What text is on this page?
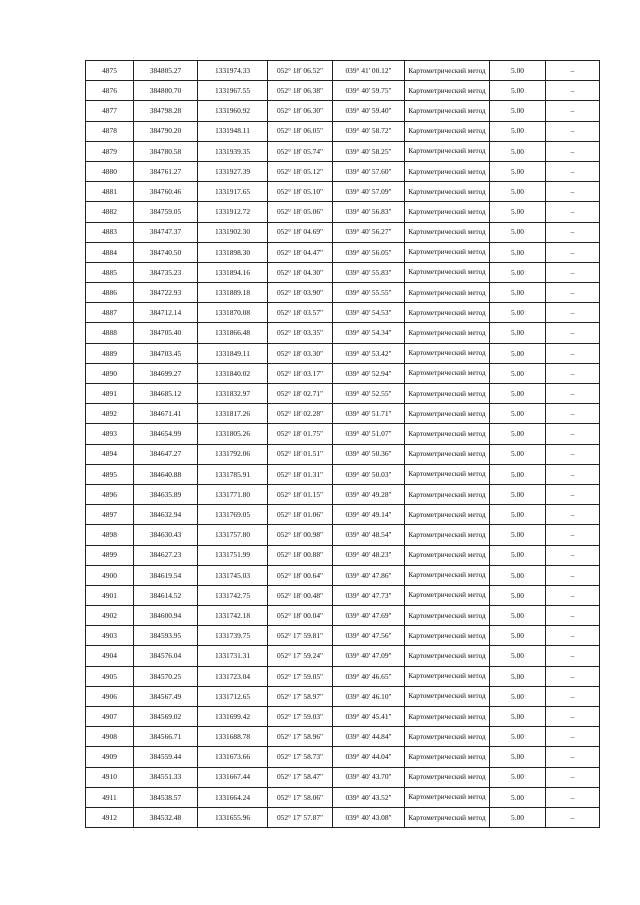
4875	384805.27	1331974.33	052° 18' 06.52"	039° 41' 00.12"	Картометрический метод	5.00	–
4876	384800.70	1331967.55	052° 18' 06.38"	039° 40' 59.75"	Картометрический метод	5.00	–
4877	384798.28	1331960.92	052° 18' 06.30"	039° 40' 59.40"	Картометрический метод	5.00	–
4878	384790.20	1331948.11	052° 18' 06.05"	039° 40' 58.72"	Картометрический метод	5.00	–
4879	384780.58	1331939.35	052° 18' 05.74"	039° 40' 58.25"	Картометрический метод	5.00	–
4880	384761.27	1331927.39	052° 18' 05.12"	039° 40' 57.60"	Картометрический метод	5.00	–
4881	384760.46	1331917.65	052° 18' 05.10"	039° 40' 57.09"	Картометрический метод	5.00	–
4882	384759.05	1331912.72	052° 18' 05.06"	039° 40' 56.83"	Картометрический метод	5.00	–
4883	384747.37	1331902.30	052° 18' 04.69"	039° 40' 56.27"	Картометрический метод	5.00	–
4884	384740.50	1331898.30	052° 18' 04.47"	039° 40' 56.05"	Картометрический метод	5.00	–
4885	384735.23	1331894.16	052° 18' 04.30"	039° 40' 55.83"	Картометрический метод	5.00	–
4886	384722.93	1331889.18	052° 18' 03.90"	039° 40' 55.55"	Картометрический метод	5.00	–
4887	384712.14	1331870.08	052° 18' 03.57"	039° 40' 54.53"	Картометрический метод	5.00	–
4888	384705.40	1331866.48	052° 18' 03.35"	039° 40' 54.34"	Картометрический метод	5.00	–
4889	384703.45	1331849.11	052° 18' 03.30"	039° 40' 53.42"	Картометрический метод	5.00	–
4890	384699.27	1331840.02	052° 18' 03.17"	039° 40' 52.94"	Картометрический метод	5.00	–
4891	384685.12	1331832.97	052° 18' 02.71"	039° 40' 52.55"	Картометрический метод	5.00	–
4892	384671.41	1331817.26	052° 18' 02.28"	039° 40' 51.71"	Картометрический метод	5.00	–
4893	384654.99	1331805.26	052° 18' 01.75"	039° 40' 51.07"	Картометрический метод	5.00	–
4894	384647.27	1331792.06	052° 18' 01.51"	039° 40' 50.36"	Картометрический метод	5.00	–
4895	384640.88	1331785.91	052° 18' 01.31"	039° 40' 50.03"	Картометрический метод	5.00	–
4896	384635.89	1331771.80	052° 18' 01.15"	039° 40' 49.28"	Картометрический метод	5.00	–
4897	384632.94	1331769.05	052° 18' 01.06"	039° 40' 49.14"	Картометрический метод	5.00	–
4898	384630.43	1331757.80	052° 18' 00.98"	039° 40' 48.54"	Картометрический метод	5.00	–
4899	384627.23	1331751.99	052° 18' 00.88"	039° 40' 48.23"	Картометрический метод	5.00	–
4900	384619.54	1331745.03	052° 18' 00.64"	039° 40' 47.86"	Картометрический метод	5.00	–
4901	384614.52	1331742.75	052° 18' 00.48"	039° 40' 47.73"	Картометрический метод	5.00	–
4902	384600.94	1331742.18	052° 18' 00.04"	039° 40' 47.69"	Картометрический метод	5.00	–
4903	384593.95	1331739.75	052° 17' 59.81"	039° 40' 47.56"	Картометрический метод	5.00	–
4904	384576.04	1331731.31	052° 17' 59.24"	039° 40' 47.09"	Картометрический метод	5.00	–
4905	384570.25	1331723.04	052° 17' 59.05"	039° 40' 46.65"	Картометрический метод	5.00	–
4906	384567.49	1331712.65	052° 17' 58.97"	039° 40' 46.10"	Картометрический метод	5.00	–
4907	384569.02	1331699.42	052° 17' 59.03"	039° 40' 45.41"	Картометрический метод	5.00	–
4908	384566.71	1331688.78	052° 17' 58.96"	039° 40' 44.84"	Картометрический метод	5.00	–
4909	384559.44	1331673.66	052° 17' 58.73"	039° 40' 44.04"	Картометрический метод	5.00	–
4910	384551.33	1331667.44	052° 17' 58.47"	039° 40' 43.70"	Картометрический метод	5.00	–
4911	384538.57	1331664.24	052° 17' 58.06"	039° 40' 43.52"	Картометрический метод	5.00	–
4912	384532.48	1331655.96	052° 17' 57.87"	039° 40' 43.08"	Картометрический метод	5.00	–
